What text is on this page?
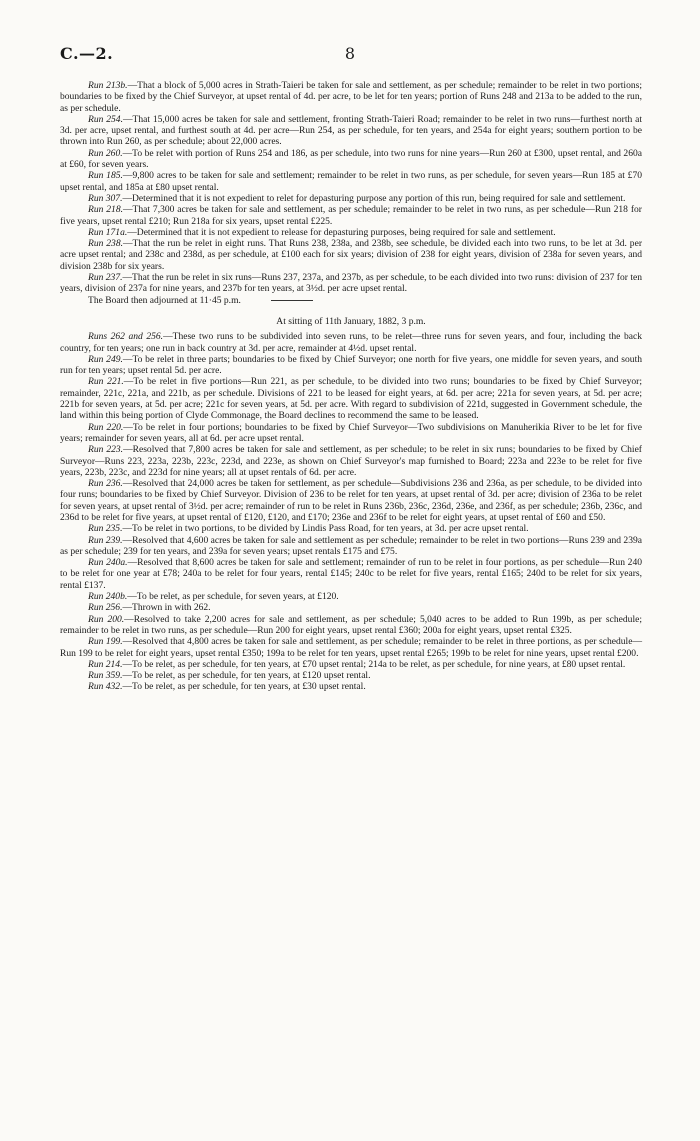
8
C.—2.

Run 213b.—That a block of 5,000 acres in Strath-Taieri be taken for sale and settlement, as per schedule; remainder to be relet in two portions; boundaries to be fixed by the Chief Surveyor, at upset rental of 4d. per acre, to be let for ten years; portion of Runs 248 and 213a to be added to the run, as per schedule.

Run 254.—That 15,000 acres be taken for sale and settlement, fronting Strath-Taieri Road; remainder to be relet in two runs—furthest north at 3d. per acre, upset rental, and furthest south at 4d. per acre—Run 254, as per schedule, for ten years, and 254a for eight years; southern portion to be thrown into Run 260, as per schedule; about 22,000 acres.

Run 260.—To be relet with portion of Runs 254 and 186, as per schedule, into two runs for nine years—Run 260 at £300, upset rental, and 260a at £60, for seven years.

Run 185.—9,800 acres to be taken for sale and settlement; remainder to be relet in two runs, as per schedule, for seven years—Run 185 at £70 upset rental, and 185a at £80 upset rental.

Run 307.—Determined that it is not expedient to relet for depasturing purpose any portion of this run, being required for sale and settlement.

Run 218.—That 7,300 acres be taken for sale and settlement, as per schedule; remainder to be relet in two runs, as per schedule—Run 218 for five years, upset rental £210; Run 218a for six years, upset rental £225.

Run 171a.—Determined that it is not expedient to release for depasturing purposes, being required for sale and settlement.

Run 238.—That the run be relet in eight runs. That Runs 238, 238a, and 238b, see schedule, be divided each into two runs, to be let at 3d. per acre upset rental; and 238c and 238d, as per schedule, at £100 each for six years; division of 238 for eight years, division of 238a for seven years, and division 238b for six years.

Run 237.—That the run be relet in six runs—Runs 237, 237a, and 237b, as per schedule, to be each divided into two runs: division of 237 for ten years, division of 237a for nine years, and 237b for ten years, at 3½d. per acre upset rental.

The Board then adjourned at 11·45 p.m.

At sitting of 11th January, 1882, 3 p.m.

Runs 262 and 256.—These two runs to be subdivided into seven runs, to be relet—three runs for seven years, and four, including the back country, for ten years; one run in back country at 3d. per acre, remainder at 4½d. upset rental.

Run 249.—To be relet in three parts; boundaries to be fixed by Chief Surveyor; one north for five years, one middle for seven years, and south run for ten years; upset rental 5d. per acre.

Run 221.—To be relet in five portions—Run 221, as per schedule, to be divided into two runs; boundaries to be fixed by Chief Surveyor; remainder, 221c, 221a, and 221b, as per schedule. Divisions of 221 to be leased for eight years, at 6d. per acre; 221a for seven years, at 5d. per acre; 221b for seven years, at 5d. per acre; 221c for seven years, at 5d. per acre. With regard to subdivision of 221d, suggested in Government schedule, the land within this being portion of Clyde Commonage, the Board declines to recommend the same to be leased.

Run 220.—To be relet in four portions; boundaries to be fixed by Chief Surveyor—Two subdivisions on Manuherikia River to be let for five years; remainder for seven years, all at 6d. per acre upset rental.

Run 223.—Resolved that 7,800 acres be taken for sale and settlement, as per schedule; to be relet in six runs; boundaries to be fixed by Chief Surveyor—Runs 223, 223a, 223b, 223c, 223d, and 223e, as shown on Chief Surveyor's map furnished to Board; 223a and 223e to be relet for five years, 223b, 223c, and 223d for nine years; all at upset rentals of 6d. per acre.

Run 236.—Resolved that 24,000 acres be taken for settlement, as per schedule—Subdivisions 236 and 236a, as per schedule, to be divided into four runs; boundaries to be fixed by Chief Surveyor. Division of 236 to be relet for ten years, at upset rental of 3d. per acre; division of 236a to be relet for seven years, at upset rental of 3½d. per acre; remainder of run to be relet in Runs 236b, 236c, 236d, 236e, and 236f, as per schedule; 236b, 236c, and 236d to be relet for five years, at upset rental of £120, £120, and £170; 236e and 236f to be relet for eight years, at upset rental of £60 and £50.

Run 235.—To be relet in two portions, to be divided by Lindis Pass Road, for ten years, at 3d. per acre upset rental.

Run 239.—Resolved that 4,600 acres be taken for sale and settlement as per schedule; remainder to be relet in two portions—Runs 239 and 239a as per schedule; 239 for ten years, and 239a for seven years; upset rentals £175 and £75.

Run 240a.—Resolved that 8,600 acres be taken for sale and settlement; remainder of run to be relet in four portions, as per schedule—Run 240 to be relet for one year at £78; 240a to be relet for four years, rental £145; 240c to be relet for five years, rental £165; 240d to be relet for six years, rental £137.

Run 240b.—To be relet, as per schedule, for seven years, at £120.

Run 256.—Thrown in with 262.

Run 200.—Resolved to take 2,200 acres for sale and settlement, as per schedule; 5,040 acres to be added to Run 199b, as per schedule; remainder to be relet in two runs, as per schedule—Run 200 for eight years, upset rental £360; 200a for eight years, upset rental £325.

Run 199.—Resolved that 4,800 acres be taken for sale and settlement, as per schedule; remainder to be relet in three portions, as per schedule—Run 199 to be relet for eight years, upset rental £350; 199a to be relet for ten years, upset rental £265; 199b to be relet for nine years, upset rental £200.

Run 214.—To be relet, as per schedule, for ten years, at £70 upset rental; 214a to be relet, as per schedule, for nine years, at £80 upset rental.

Run 359.—To be relet, as per schedule, for ten years, at £120 upset rental.

Run 432.—To be relet, as per schedule, for ten years, at £30 upset rental.
